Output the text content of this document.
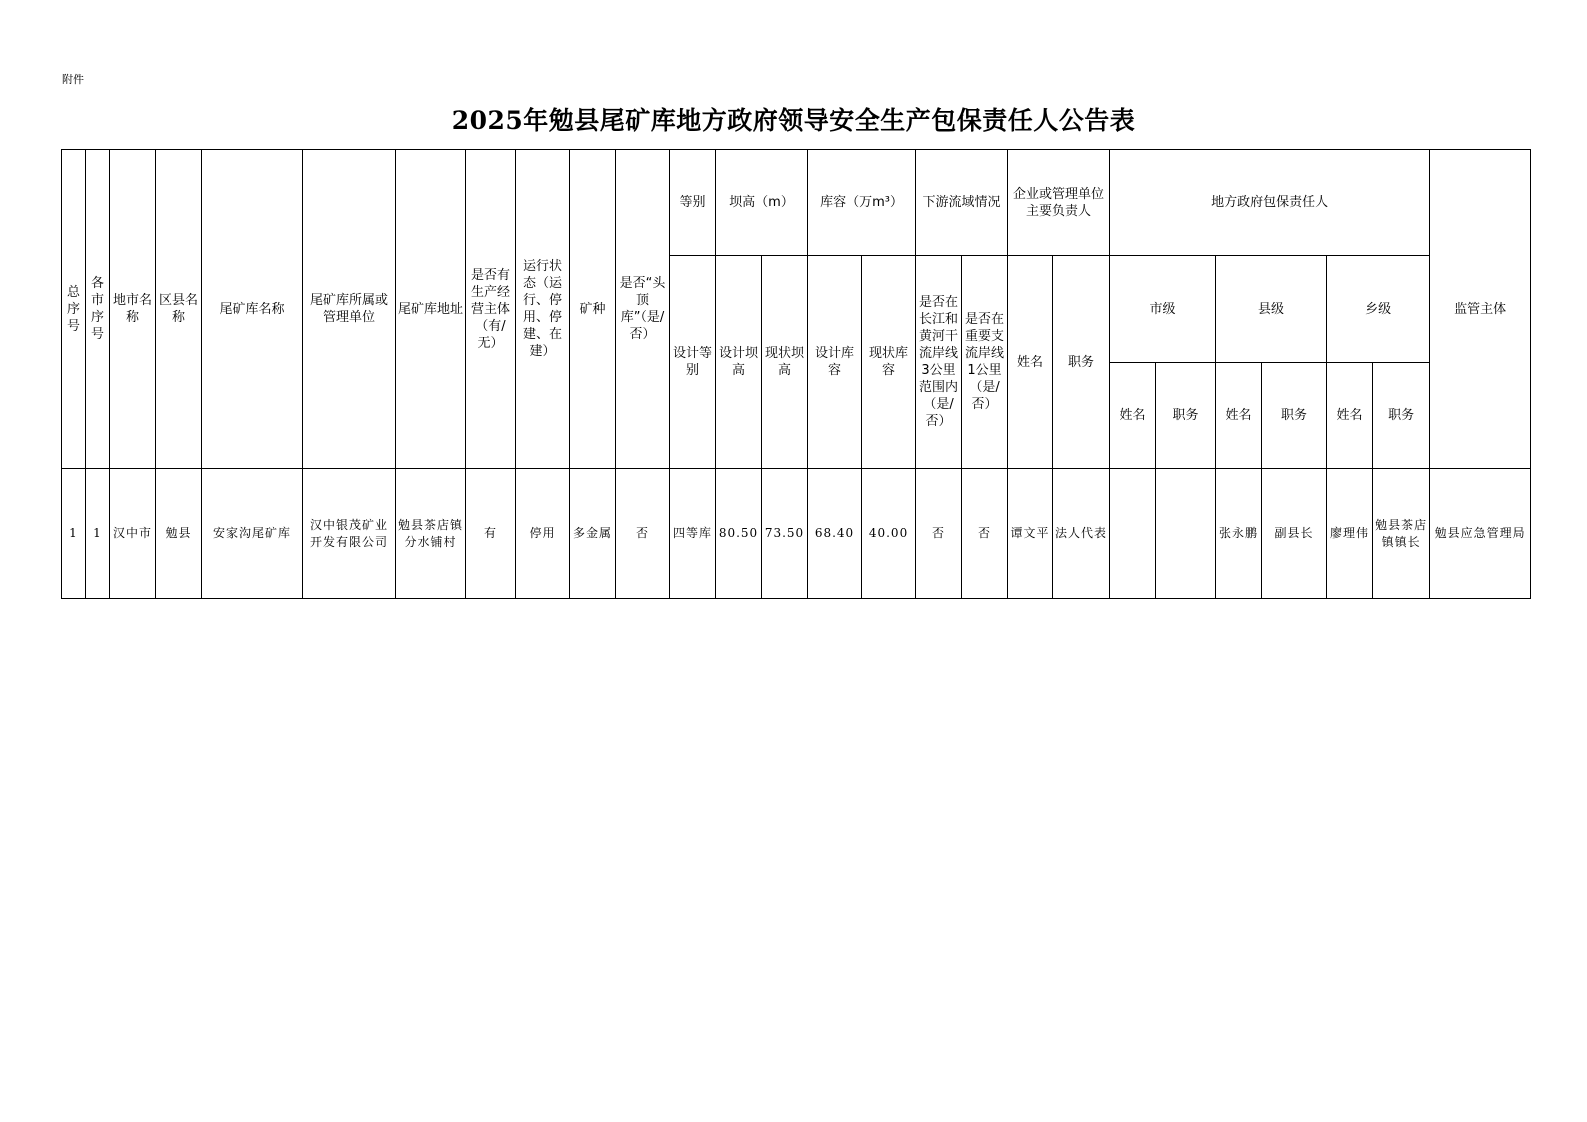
附件
2025年勉县尾矿库地方政府领导安全生产包保责任人公告表
总序号	各市序号	地市名称	区县名称	尾矿库名称	尾矿库所属或管理单位	尾矿库地址	是否有生产经营主体（有/无）	运行状态（运行、停用、停建、在建）	矿种	是否“头顶库”（是/否）	等别	坝高（m）		库容（万m³）		下游流域情况		企业或管理单位　　主要负责人		地方政府包保责任人						监管主体
											设计等别	设计坝高	现状坝高	设计库容	现状库容	是否在长江和黄河干流岸线3公里范围内（是/否）	是否在重要支流岸线1公里（是/否）	姓名	职务	市级		县级		乡级		
																				姓名	职务	姓名	职务	姓名	职务	
1	1	汉中市	勉县	安家沟尾矿库	汉中银茂矿业开发有限公司	勉县茶店镇分水铺村	有	停用	多金属	否	四等库	80.50	73.50	68.40	40.00	否	否	谭文平	法人代表			张永鹏	副县长	廖理伟	勉县茶店镇镇长	勉县应急管理局
